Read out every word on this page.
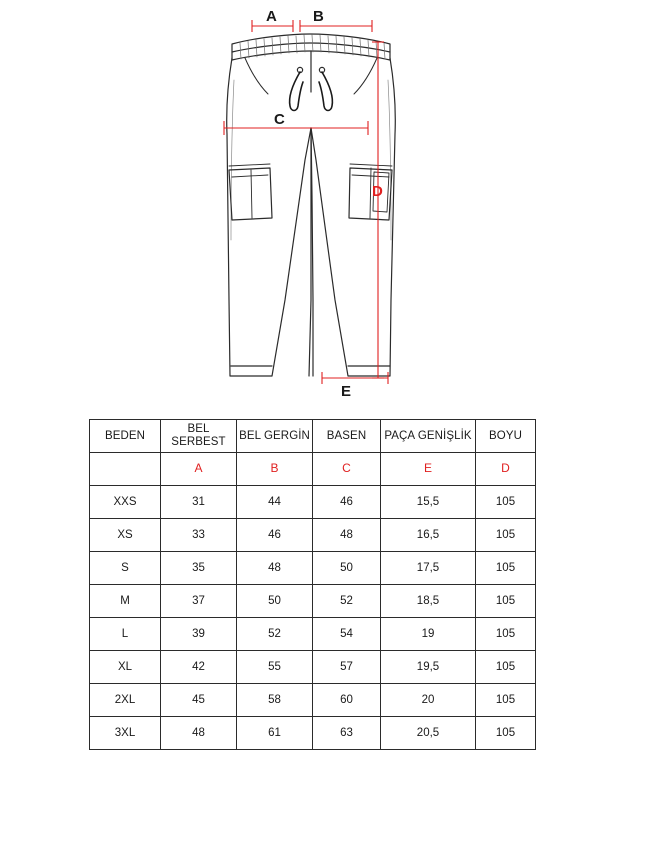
A B
C
D
E
BEDEN	BEL SERBEST	BEL GERGİN	BASEN	PAÇA GENİŞLİK	BOYU
	A	B	C	E	D
XXS	31	44	46	15,5	105
XS	33	46	48	16,5	105
S	35	48	50	17,5	105
M	37	50	52	18,5	105
L	39	52	54	19	105
XL	42	55	57	19,5	105
2XL	45	58	60	20	105
3XL	48	61	63	20,5	105
